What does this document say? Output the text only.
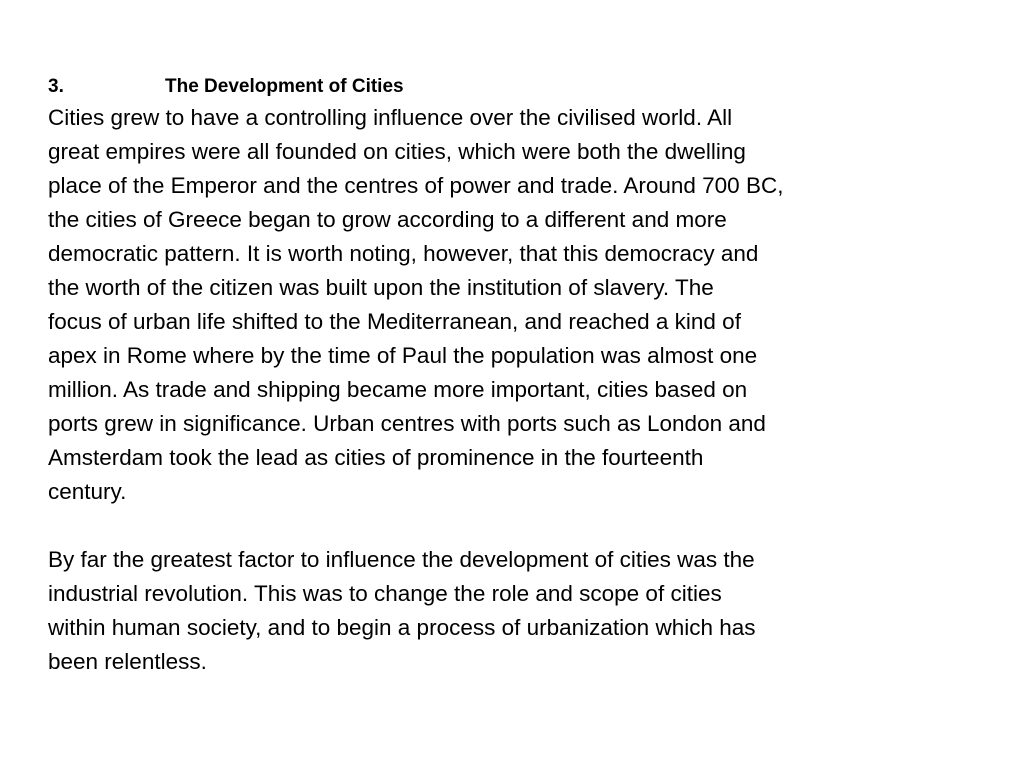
3.	The Development of Cities
Cities grew to have a controlling influence over the civilised world. All
great empires were all founded on cities, which were both the dwelling
place of the Emperor and the centres of power and trade. Around 700 BC,
the cities of Greece began to grow according to a different and more
democratic pattern. It is worth noting, however, that this democracy and
the worth of the citizen was built upon the institution of slavery. The
focus of urban life shifted to the Mediterranean, and reached a kind of
apex in Rome where by the time of Paul the population was almost one
million. As trade and shipping became more important, cities based on
ports grew in significance. Urban centres with ports such as London and
Amsterdam took the lead as cities of prominence in the fourteenth
century.
By far the greatest factor to influence the development of cities was the
industrial revolution. This was to change the role and scope of cities
within human society, and to begin a process of urbanization which has
been relentless.
